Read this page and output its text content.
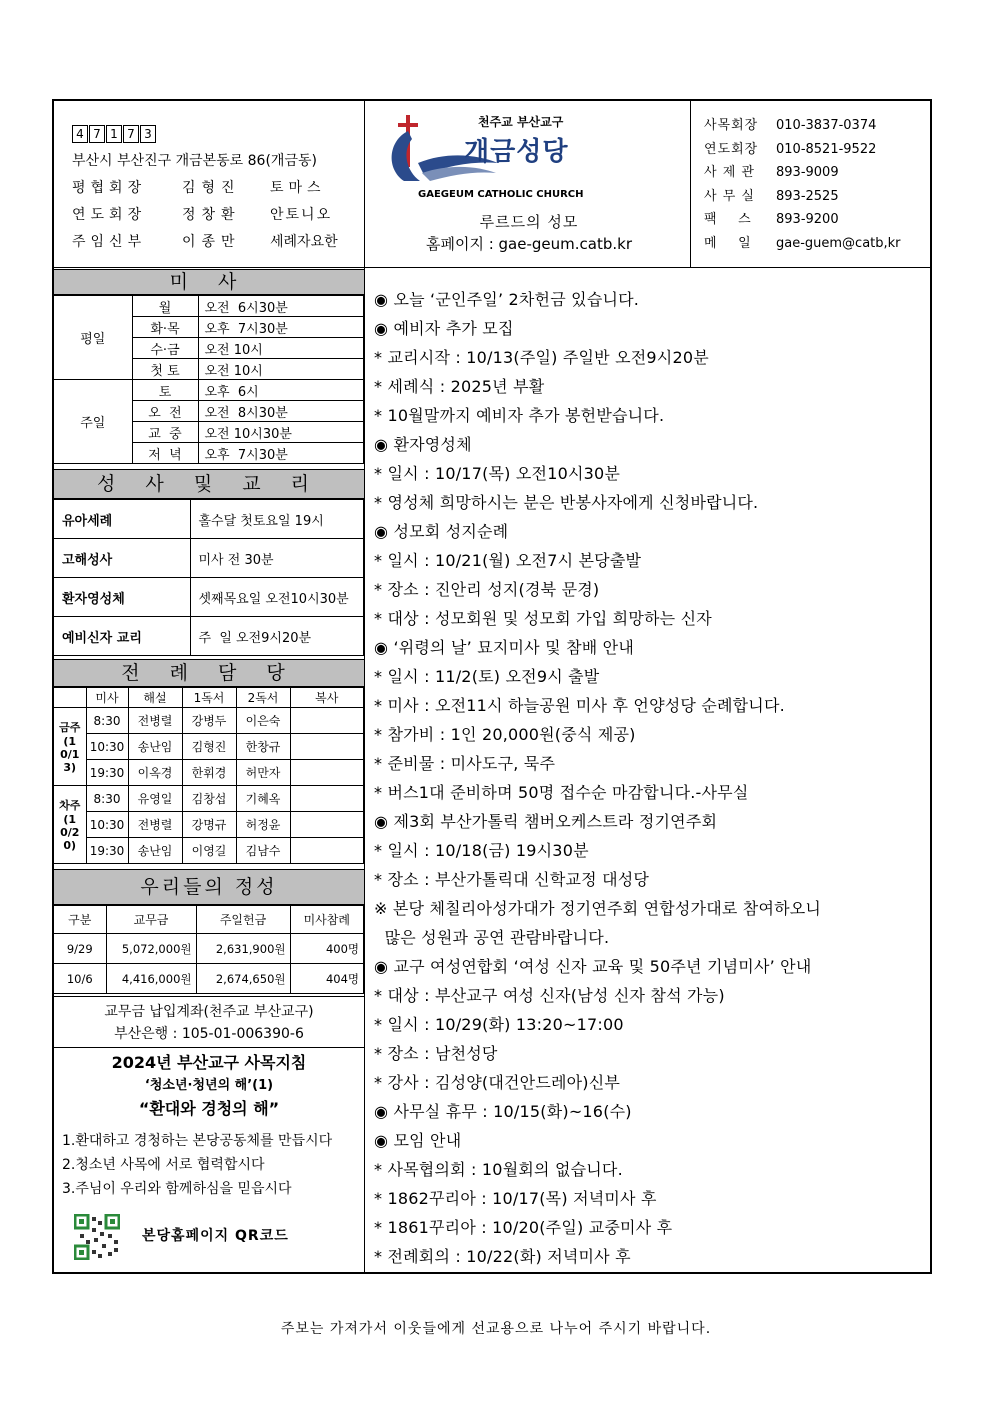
4 7 1 7 3
부산시 부산진구 개금본동로 86(개금동)
평협회장	김형진	토마스
연도회장	정창환	안토니오
주임신부	이종만	세례자요한
천주교 부산교구
개금성당
GAEGEUM CATHOLIC CHURCH
루르드의 성모
홈페이지 : gae-geum.catb.kr
사목회장	010-3837-0374
연도회장	010-8521-9522
사 제 관	893-9009
사 무 실	893-2525
팩    스	893-9200
메    일	gae-guem@catb,kr
미 사
평일	월	오전  6시30분
	화·목	오후  7시30분
	수·금	오전 10시
	첫 토	오전 10시
주일	토	오후  6시
	오  전	오전  8시30분
	교  중	오전 10시30분
	저  녁	오후  7시30분
성 사 및 교 리
유아세례	홀수달 첫토요일 19시
고해성사	미사 전 30분
환자영성체	셋째목요일 오전10시30분
예비신자 교리	주  일 오전9시20분
전 례 담 당
	미사	해설	1독서	2독서	복사
금주(10/13)	8:30	전병렬	강병두	이은숙	
	10:30	송난임	김형진	한창규	
	19:30	이옥경	한휘경	허만자	
차주(10/20)	8:30	유영일	김창섭	기혜옥	
	10:30	전병렬	강명규	허정윤	
	19:30	송난임	이영길	김남수	
우리들의 정성
구분	교무금	주일헌금	미사참례
9/29	5,072,000원	2,631,900원	400명
10/6	4,416,000원	2,674,650원	404명
교무금 납입계좌(천주교 부산교구)
부산은행 : 105-01-006390-6
2024년 부산교구 사목지침
‘청소년·청년의 해’(1)
“환대와 경청의 해”
1.환대하고 경청하는 본당공동체를 만듭시다
2.청소년 사목에 서로 협력합시다
3.주님이 우리와 함께하심을 믿읍시다
본당홈페이지 QR코드
◉ 오늘 ‘군인주일’ 2차헌금 있습니다.
◉ 예비자 추가 모집
* 교리시작 : 10/13(주일) 주일반 오전9시20분
* 세례식 : 2025년 부활
* 10월말까지 예비자 추가 봉헌받습니다.
◉ 환자영성체
* 일시 : 10/17(목) 오전10시30분
* 영성체 희망하시는 분은 반봉사자에게 신청바랍니다.
◉ 성모회 성지순례
* 일시 : 10/21(월) 오전7시 본당출발
* 장소 : 진안리 성지(경북 문경)
* 대상 : 성모회원 및 성모회 가입 희망하는 신자
◉ ‘위령의 날’ 묘지미사 및 참배 안내
* 일시 : 11/2(토) 오전9시 출발
* 미사 : 오전11시 하늘공원 미사 후 언양성당 순례합니다.
* 참가비 : 1인 20,000원(중식 제공)
* 준비물 : 미사도구, 묵주
* 버스1대 준비하며 50명 접수순 마감합니다.-사무실
◉ 제3회 부산가톨릭 챔버오케스트라 정기연주회
* 일시 : 10/18(금) 19시30분
* 장소 : 부산가톨릭대 신학교정 대성당
※ 본당 체칠리아성가대가 정기연주회 연합성가대로 참여하오니
많은 성원과 공연 관람바랍니다.
◉ 교구 여성연합회 ‘여성 신자 교육 및 50주년 기념미사’ 안내
* 대상 : 부산교구 여성 신자(남성 신자 참석 가능)
* 일시 : 10/29(화) 13:20~17:00
* 장소 : 남천성당
* 강사 : 김성양(대건안드레아)신부
◉ 사무실 휴무 : 10/15(화)~16(수)
◉ 모임 안내
* 사목협의회 : 10월회의 없습니다.
* 1862꾸리아 : 10/17(목) 저녁미사 후
* 1861꾸리아 : 10/20(주일) 교중미사 후
* 전례회의 : 10/22(화) 저녁미사 후
주보는 가져가서 이웃들에게 선교용으로 나누어 주시기 바랍니다.
